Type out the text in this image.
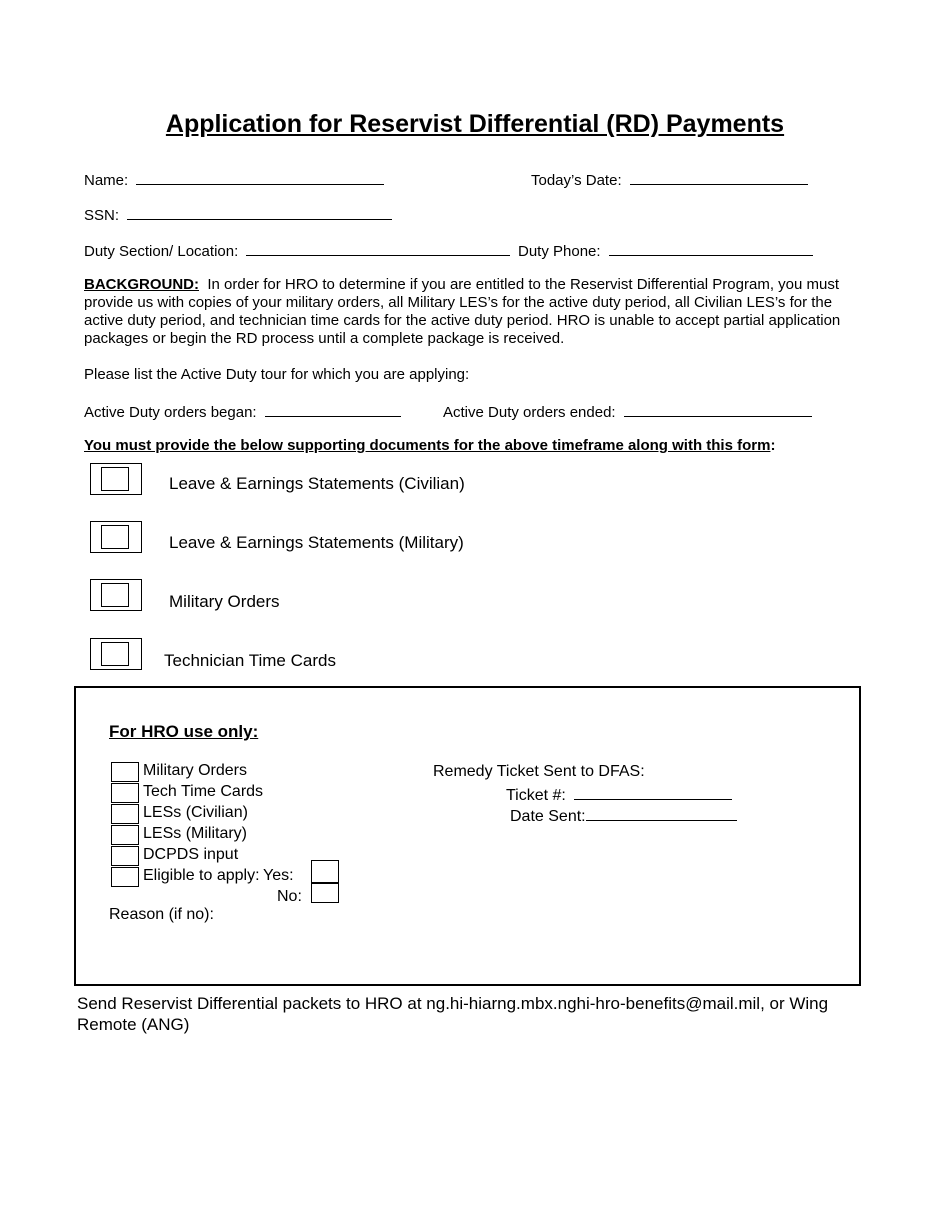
Application for Reservist Differential (RD) Payments
Name:	Today’s Date:
SSN:
Duty Section/ Location:	Duty Phone:
BACKGROUND: In order for HRO to determine if you are entitled to the Reservist Differential Program, you must provide us with copies of your military orders, all Military LES’s for the active duty period, all Civilian LES’s for the active duty period, and technician time cards for the active duty period. HRO is unable to accept partial application packages or begin the RD process until a complete package is received.
Please list the Active Duty tour for which you are applying:
Active Duty orders began:	Active Duty orders ended:
You must provide the below supporting documents for the above timeframe along with this form:
Leave & Earnings Statements (Civilian)
Leave & Earnings Statements (Military)
Military Orders
Technician Time Cards
For HRO use only:
Military Orders
Tech Time Cards
LESs (Civilian)
LESs (Military)
DCPDS input
Eligible to apply: Yes:
No:
Reason (if no):
Remedy Ticket Sent to DFAS:
Ticket #:
Date Sent:
Send Reservist Differential packets to HRO at ng.hi-hiarng.mbx.nghi-hro-benefits@mail.mil, or Wing Remote (ANG)
